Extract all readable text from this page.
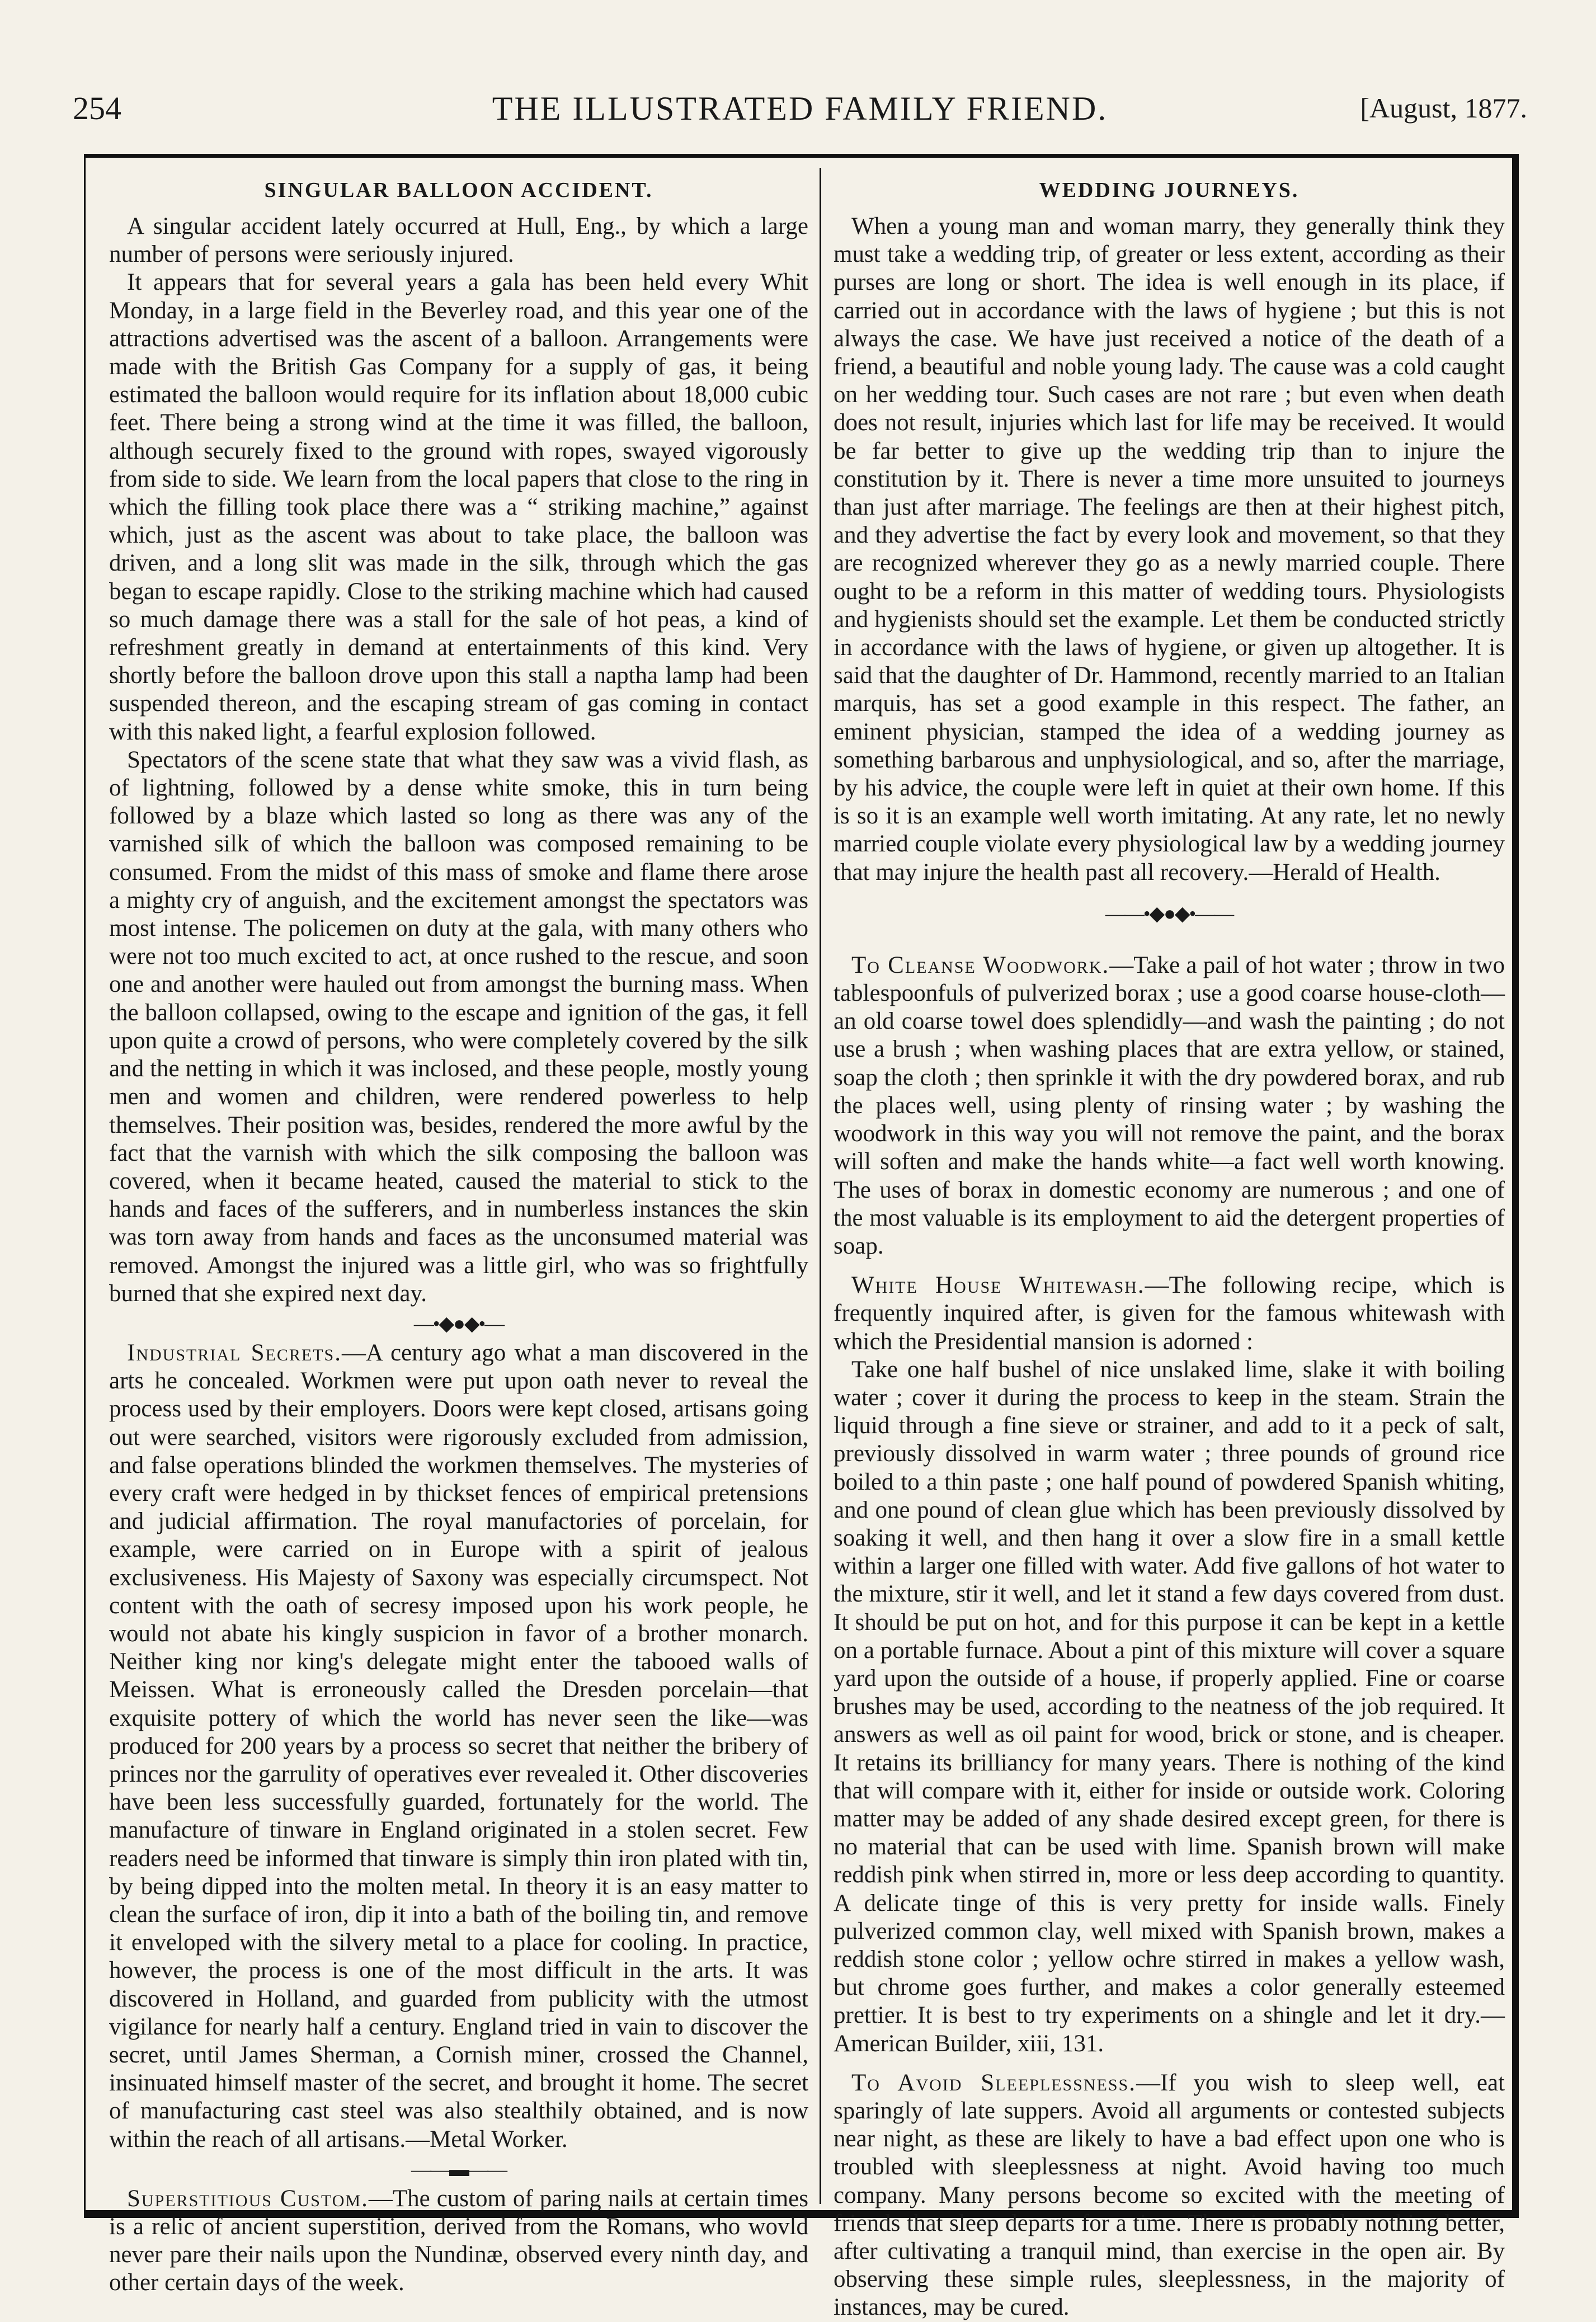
254	THE ILLUSTRATED FAMILY FRIEND.	[August, 1877.
SINGULAR BALLOON ACCIDENT.

A singular accident lately occurred at Hull, Eng., by which a large number of persons were seriously injured.

It appears that for several years a gala has been held every Whit Monday, in a large field in the Beverley road, and this year one of the attractions advertised was the ascent of a balloon. Arrangements were made with the British Gas Company for a supply of gas, it being estimated the balloon would require for its inflation about 18,000 cubic feet. There being a strong wind at the time it was filled, the balloon, although securely fixed to the ground with ropes, swayed vigorously from side to side. We learn from the local papers that close to the ring in which the filling took place there was a “ striking machine,” against which, just as the ascent was about to take place, the balloon was driven, and a long slit was made in the silk, through which the gas began to escape rapidly. Close to the striking machine which had caused so much damage there was a stall for the sale of hot peas, a kind of refreshment greatly in demand at entertainments of this kind. Very shortly before the balloon drove upon this stall a naptha lamp had been suspended thereon, and the escaping stream of gas coming in contact with this naked light, a fearful explosion followed.

Spectators of the scene state that what they saw was a vivid flash, as of lightning, followed by a dense white smoke, this in turn being followed by a blaze which lasted so long as there was any of the varnished silk of which the balloon was composed remaining to be consumed. From the midst of this mass of smoke and flame there arose a mighty cry of anguish, and the excitement amongst the spectators was most intense. The policemen on duty at the gala, with many others who were not too much excited to act, at once rushed to the rescue, and soon one and another were hauled out from amongst the burning mass. When the balloon collapsed, owing to the escape and ignition of the gas, it fell upon quite a crowd of persons, who were completely covered by the silk and the netting in which it was inclosed, and these people, mostly young men and women and children, were rendered powerless to help themselves. Their position was, besides, rendered the more awful by the fact that the varnish with which the silk composing the balloon was covered, when it became heated, caused the material to stick to the hands and faces of the sufferers, and in numberless instances the skin was torn away from hands and faces as the unconsumed material was removed. Amongst the injured was a little girl, who was so frightfully burned that she expired next day.

—•◆●◆•—

Industrial Secrets.—A century ago what a man discovered in the arts he concealed. Workmen were put upon oath never to reveal the process used by their employers. Doors were kept closed, artisans going out were searched, visitors were rigorously excluded from admission, and false operations blinded the workmen themselves. The mysteries of every craft were hedged in by thickset fences of empirical pretensions and judicial affirmation. The royal manufactories of porcelain, for example, were carried on in Europe with a spirit of jealous exclusiveness. His Majesty of Saxony was especially circumspect. Not content with the oath of secresy imposed upon his work people, he would not abate his kingly suspicion in favor of a brother monarch. Neither king nor king's delegate might enter the tabooed walls of Meissen. What is erroneously called the Dresden porcelain—that exquisite pottery of which the world has never seen the like—was produced for 200 years by a process so secret that neither the bribery of princes nor the garrulity of operatives ever revealed it. Other discoveries have been less successfully guarded, fortunately for the world. The manufacture of tinware in England originated in a stolen secret. Few readers need be informed that tinware is simply thin iron plated with tin, by being dipped into the molten metal. In theory it is an easy matter to clean the surface of iron, dip it into a bath of the boiling tin, and remove it enveloped with the silvery metal to a place for cooling. In practice, however, the process is one of the most difficult in the arts. It was discovered in Holland, and guarded from publicity with the utmost vigilance for nearly half a century. England tried in vain to discover the secret, until James Sherman, a Cornish miner, crossed the Channel, insinuated himself master of the secret, and brought it home. The secret of manufacturing cast steel was also stealthily obtained, and is now within the reach of all artisans.—Metal Worker.

——▬——

Superstitious Custom.—The custom of paring nails at certain times is a relic of ancient superstition, derived from the Romans, who wovld never pare their nails upon the Nundinæ, observed every ninth day, and other certain days of the week.

WEDDING JOURNEYS.

When a young man and woman marry, they generally think they must take a wedding trip, of greater or less extent, according as their purses are long or short. The idea is well enough in its place, if carried out in accordance with the laws of hygiene ; but this is not always the case. We have just received a notice of the death of a friend, a beautiful and noble young lady. The cause was a cold caught on her wedding tour. Such cases are not rare ; but even when death does not result, injuries which last for life may be received. It would be far better to give up the wedding trip than to injure the constitution by it. There is never a time more unsuited to journeys than just after marriage. The feelings are then at their highest pitch, and they advertise the fact by every look and movement, so that they are recognized wherever they go as a newly married couple. There ought to be a reform in this matter of wedding tours. Physiologists and hygienists should set the example. Let them be conducted strictly in accordance with the laws of hygiene, or given up altogether. It is said that the daughter of Dr. Hammond, recently married to an Italian marquis, has set a good example in this respect. The father, an eminent physician, stamped the idea of a wedding journey as something barbarous and unphysiological, and so, after the marriage, by his advice, the couple were left in quiet at their own home. If this is so it is an example well worth imitating. At any rate, let no newly married couple violate every physiological law by a wedding journey that may injure the health past all recovery.—Herald of Health.

——•◆●◆•——

To Cleanse Woodwork.—Take a pail of hot water ; throw in two tablespoonfuls of pulverized borax ; use a good coarse house-cloth—an old coarse towel does splendidly—and wash the painting ; do not use a brush ; when washing places that are extra yellow, or stained, soap the cloth ; then sprinkle it with the dry powdered borax, and rub the places well, using plenty of rinsing water ; by washing the woodwork in this way you will not remove the paint, and the borax will soften and make the hands white—a fact well worth knowing. The uses of borax in domestic economy are numerous ; and one of the most valuable is its employment to aid the detergent properties of soap.

White House Whitewash.—The following recipe, which is frequently inquired after, is given for the famous whitewash with which the Presidential mansion is adorned :

Take one half bushel of nice unslaked lime, slake it with boiling water ; cover it during the process to keep in the steam. Strain the liquid through a fine sieve or strainer, and add to it a peck of salt, previously dissolved in warm water ; three pounds of ground rice boiled to a thin paste ; one half pound of powdered Spanish whiting, and one pound of clean glue which has been previously dissolved by soaking it well, and then hang it over a slow fire in a small kettle within a larger one filled with water. Add five gallons of hot water to the mixture, stir it well, and let it stand a few days covered from dust. It should be put on hot, and for this purpose it can be kept in a kettle on a portable furnace. About a pint of this mixture will cover a square yard upon the outside of a house, if properly applied. Fine or coarse brushes may be used, according to the neatness of the job required. It answers as well as oil paint for wood, brick or stone, and is cheaper. It retains its brilliancy for many years. There is nothing of the kind that will compare with it, either for inside or outside work. Coloring matter may be added of any shade desired except green, for there is no material that can be used with lime. Spanish brown will make reddish pink when stirred in, more or less deep according to quantity. A delicate tinge of this is very pretty for inside walls. Finely pulverized common clay, well mixed with Spanish brown, makes a reddish stone color ; yellow ochre stirred in makes a yellow wash, but chrome goes further, and makes a color generally esteemed prettier. It is best to try experiments on a shingle and let it dry.—American Builder, xiii, 131.

To Avoid Sleeplessness.—If you wish to sleep well, eat sparingly of late suppers. Avoid all arguments or contested subjects near night, as these are likely to have a bad effect upon one who is troubled with sleeplessness at night. Avoid having too much company. Many persons become so excited with the meeting of friends that sleep departs for a time. There is probably nothing better, after cultivating a tranquil mind, than exercise in the open air. By observing these simple rules, sleeplessness, in the majority of instances, may be cured.
